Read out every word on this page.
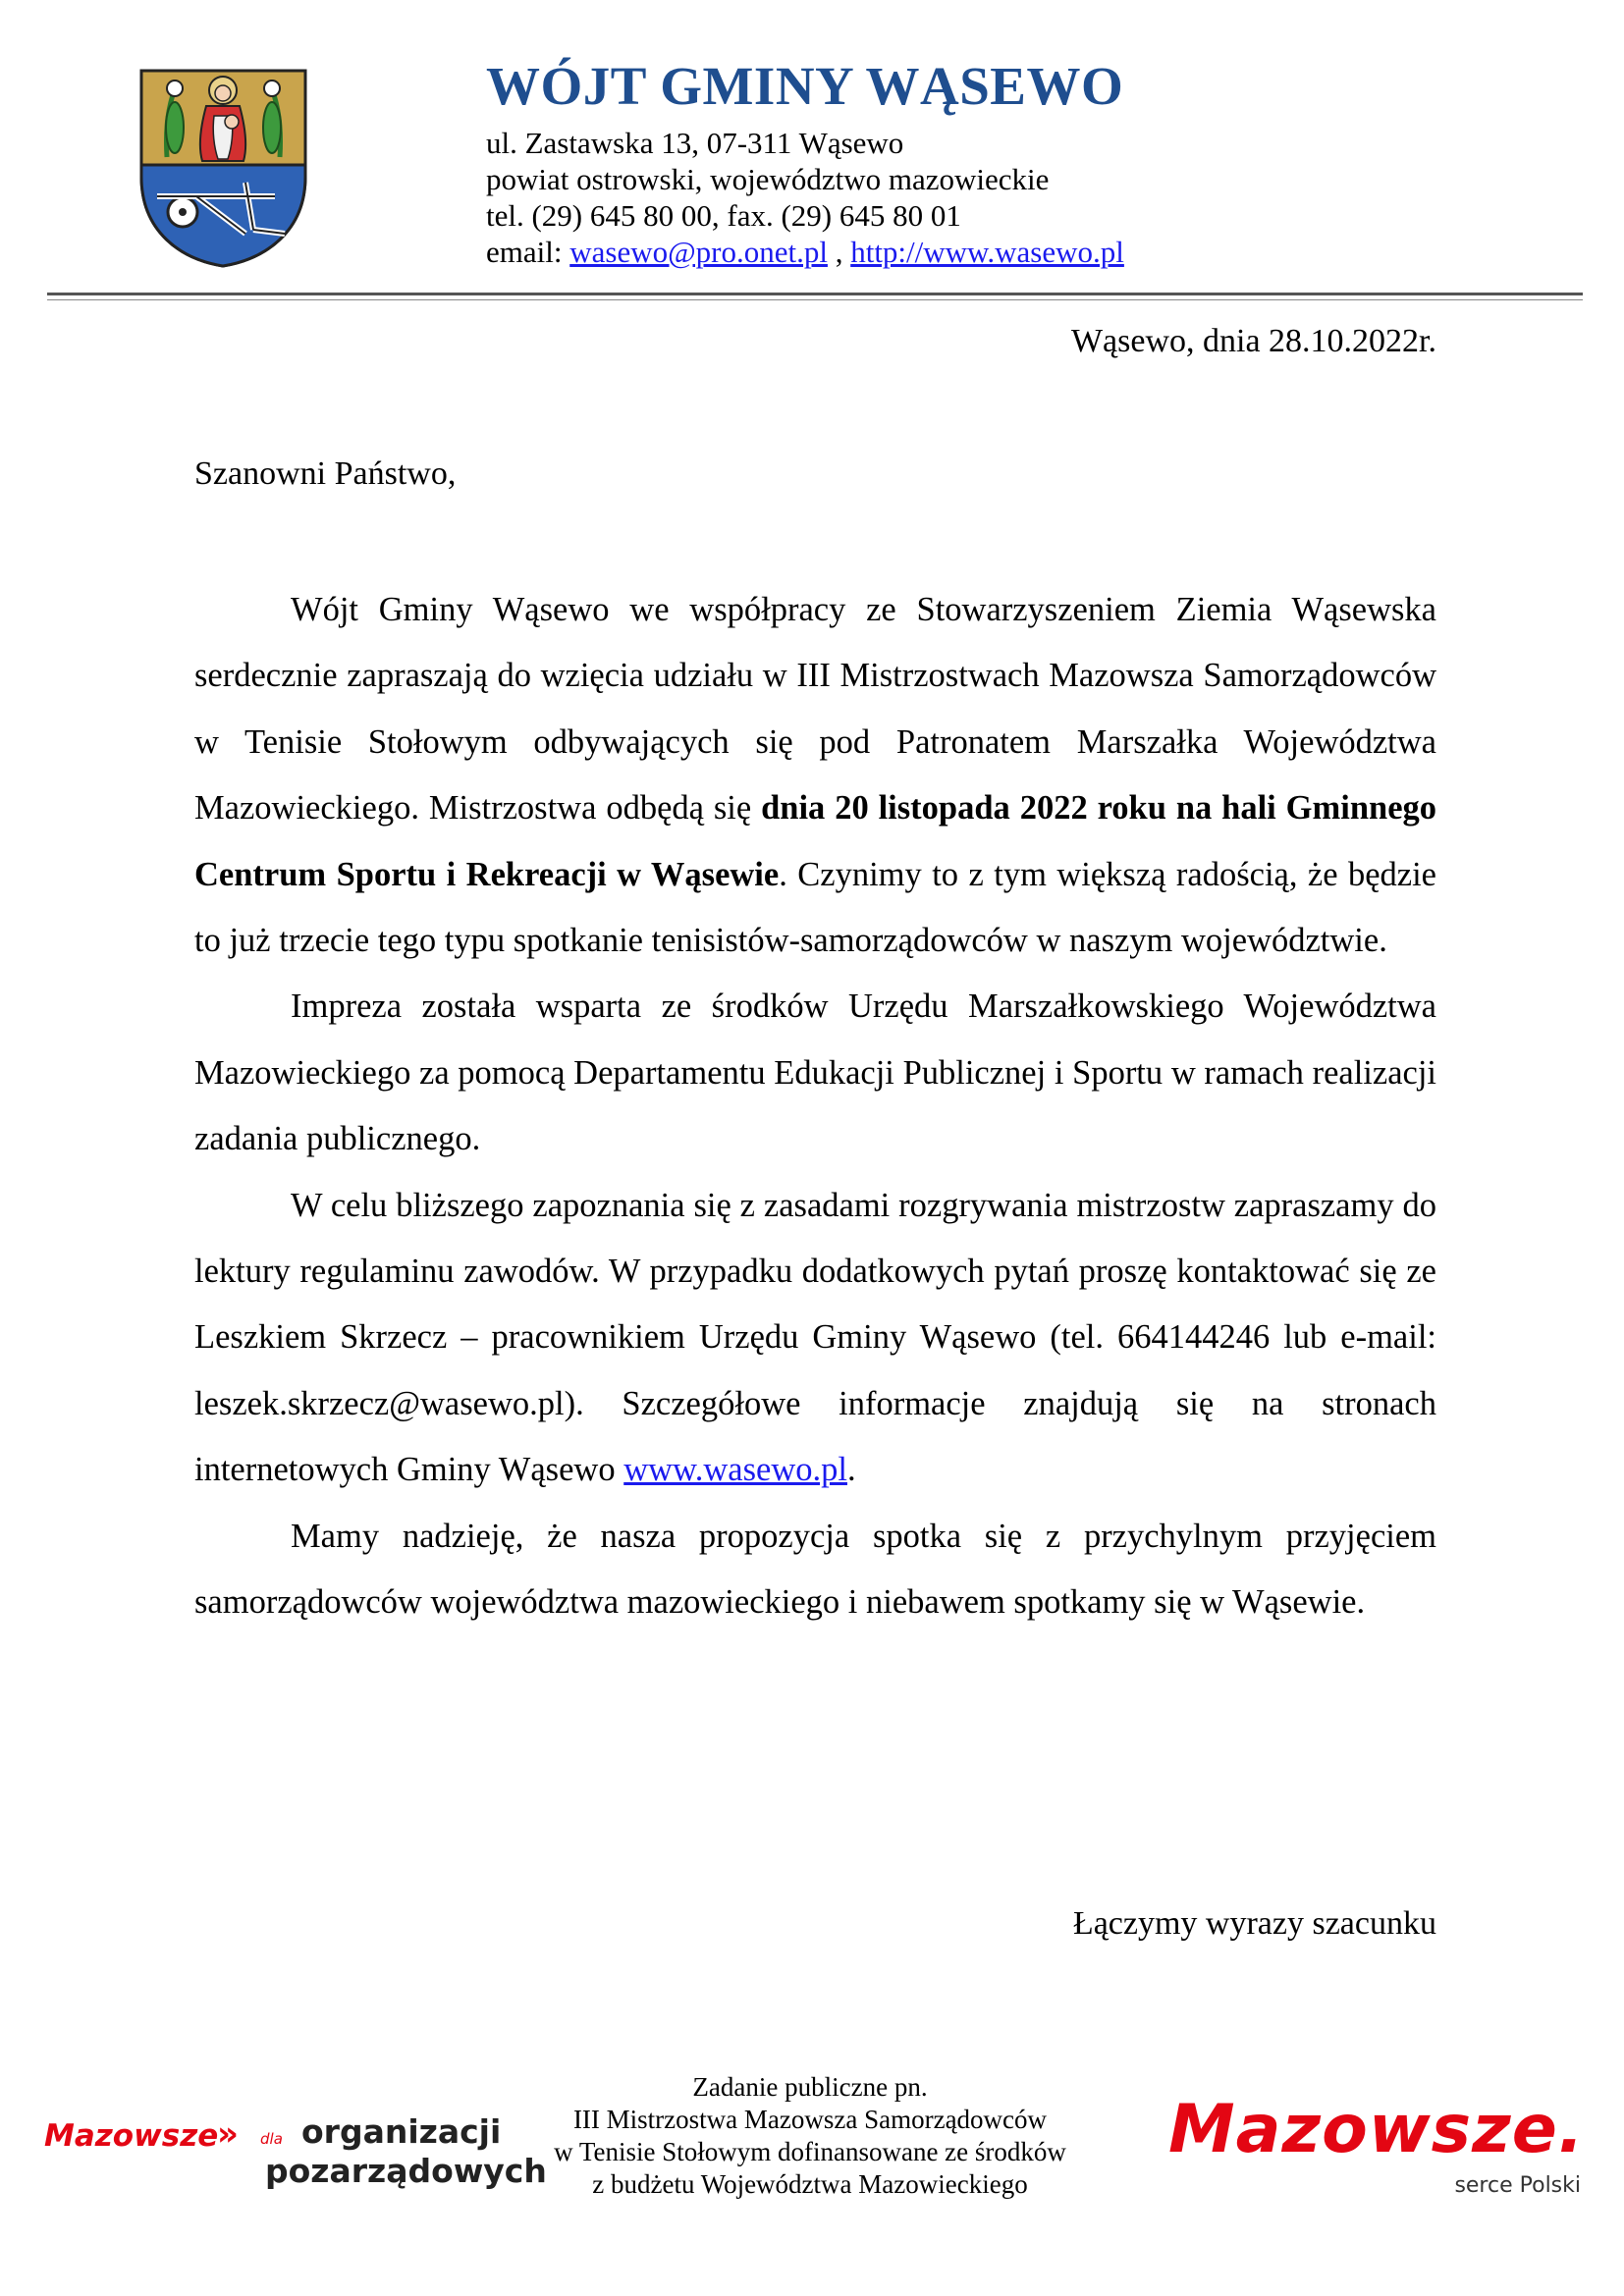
WÓJT GMINY WĄSEWO
ul. Zastawska 13, 07-311 Wąsewo
powiat ostrowski, województwo mazowieckie
tel. (29) 645 80 00, fax. (29) 645 80 01
email: wasewo@pro.onet.pl , http://www.wasewo.pl
Wąsewo, dnia 28.10.2022r.
Szanowni Państwo,

Wójt Gminy Wąsewo we współpracy ze Stowarzyszeniem Ziemia Wąsewska serdecznie zapraszają do wzięcia udziału w III Mistrzostwach Mazowsza Samorządowców w Tenisie Stołowym odbywających się pod Patronatem Marszałka Województwa Mazowieckiego. Mistrzostwa odbędą się dnia 20 listopada 2022 roku na hali Gminnego Centrum Sportu i Rekreacji w Wąsewie. Czynimy to z tym większą radością, że będzie to już trzecie tego typu spotkanie tenisistów-samorządowców w naszym województwie.

Impreza została wsparta ze środków Urzędu Marszałkowskiego Województwa Mazowieckiego za pomocą Departamentu Edukacji Publicznej i Sportu w ramach realizacji zadania publicznego.

W celu bliższego zapoznania się z zasadami rozgrywania mistrzostw zapraszamy do lektury regulaminu zawodów. W przypadku dodatkowych pytań proszę kontaktować się ze Leszkiem Skrzecz – pracownikiem Urzędu Gminy Wąsewo (tel. 664144246 lub e-mail: leszek.skrzecz@wasewo.pl). Szczegółowe informacje znajdują się na stronach internetowych Gminy Wąsewo www.wasewo.pl.

Mamy nadzieję, że nasza propozycja spotka się z przychylnym przyjęciem samorządowców województwa mazowieckiego i niebawem spotkamy się w Wąsewie.

Łączymy wyrazy szacunku
Mazowsze
» dla organizacji
pozarządowych
Zadanie publiczne pn.
III Mistrzostwa Mazowsza Samorządowców
w Tenisie Stołowym dofinansowane ze środków
z budżetu Województwa Mazowieckiego
Mazowsze.
serce Polski
